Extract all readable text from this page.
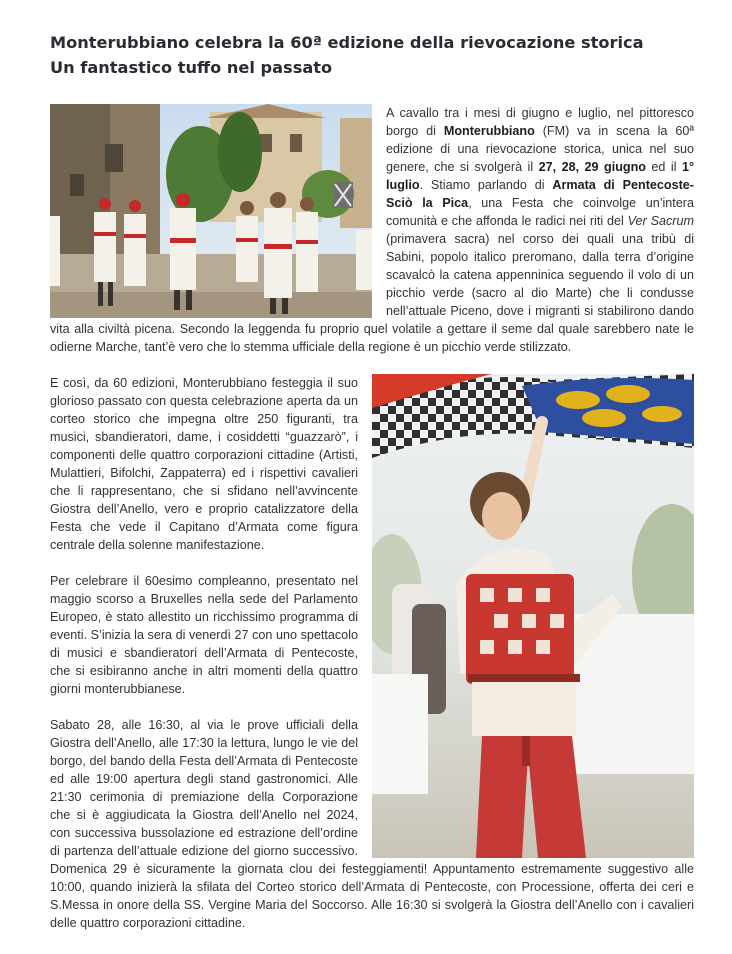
Monterubbiano celebra la 60ª edizione della rievocazione storica
Un fantastico tuffo nel passato

A cavallo tra i mesi di giugno e luglio, nel pittoresco borgo di Monterubbiano (FM) va in scena la 60ª edizione di una rievocazione storica, unica nel suo genere, che si svolgerà il 27, 28, 29 giugno ed il 1° luglio. Stiamo parlando di Armata di Pentecoste- Sciò la Pica, una Festa che coinvolge un’intera comunità e che affonda le radici nei riti del Ver Sacrum (primavera sacra) nel corso dei quali una tribù di Sabini, popolo italico preromano, dalla terra d’origine scavalcò la catena appenninica seguendo il volo di un picchio verde (sacro al dio Marte) che li condusse nell’attuale Piceno, dove i migranti si stabilirono dando vita alla civiltà picena. Secondo la leggenda fu proprio quel volatile a gettare il seme dal quale sarebbero nate le odierne Marche, tant’è vero che lo stemma ufficiale della regione è un picchio verde stilizzato.

E così, da 60 edizioni, Monterubbiano festeggia il suo glorioso passato con questa celebrazione aperta da un corteo storico che impegna oltre 250 figuranti, tra musici, sbandieratori, dame, i cosiddetti “guazzarò”, i componenti delle quattro corporazioni cittadine (Artisti, Mulattieri, Bifolchi, Zappaterra) ed i rispettivi cavalieri che li rappresentano, che si sfidano nell’avvincente Giostra dell’Anello, vero e proprio catalizzatore della Festa che vede il Capitano d’Armata come figura centrale della solenne manifestazione.

Per celebrare il 60esimo compleanno, presentato nel maggio scorso a Bruxelles nella sede del Parlamento Europeo, è stato allestito un ricchissimo programma di eventi. S’inizia la sera di venerdì 27 con uno spettacolo di musici e sbandieratori dell’Armata di Pentecoste, che si esibiranno anche in altri momenti della quattro giorni monterubbianese.

Sabato 28, alle 16:30, al via le prove ufficiali della Giostra dell’Anello, alle 17:30 la lettura, lungo le vie del borgo, del bando della Festa dell’Armata di Pentecoste ed alle 19:00 apertura degli stand gastronomici. Alle 21:30 cerimonia di premiazione della Corporazione che si è aggiudicata la Giostra dell’Anello nel 2024, con successiva bussolazione ed estrazione dell’ordine di partenza dell’attuale edizione del giorno successivo. Domenica 29 è sicuramente la giornata clou dei festeggiamenti! Appuntamento estremamente suggestivo alle 10:00, quando inizierà la sfilata del Corteo storico dell’Armata di Pentecoste, con Processione, offerta dei ceri e S.Messa in onore della SS. Vergine Maria del Soccorso. Alle 16:30 si svolgerà la Giostra dell’Anello con i cavalieri delle quattro corporazioni cittadine.
